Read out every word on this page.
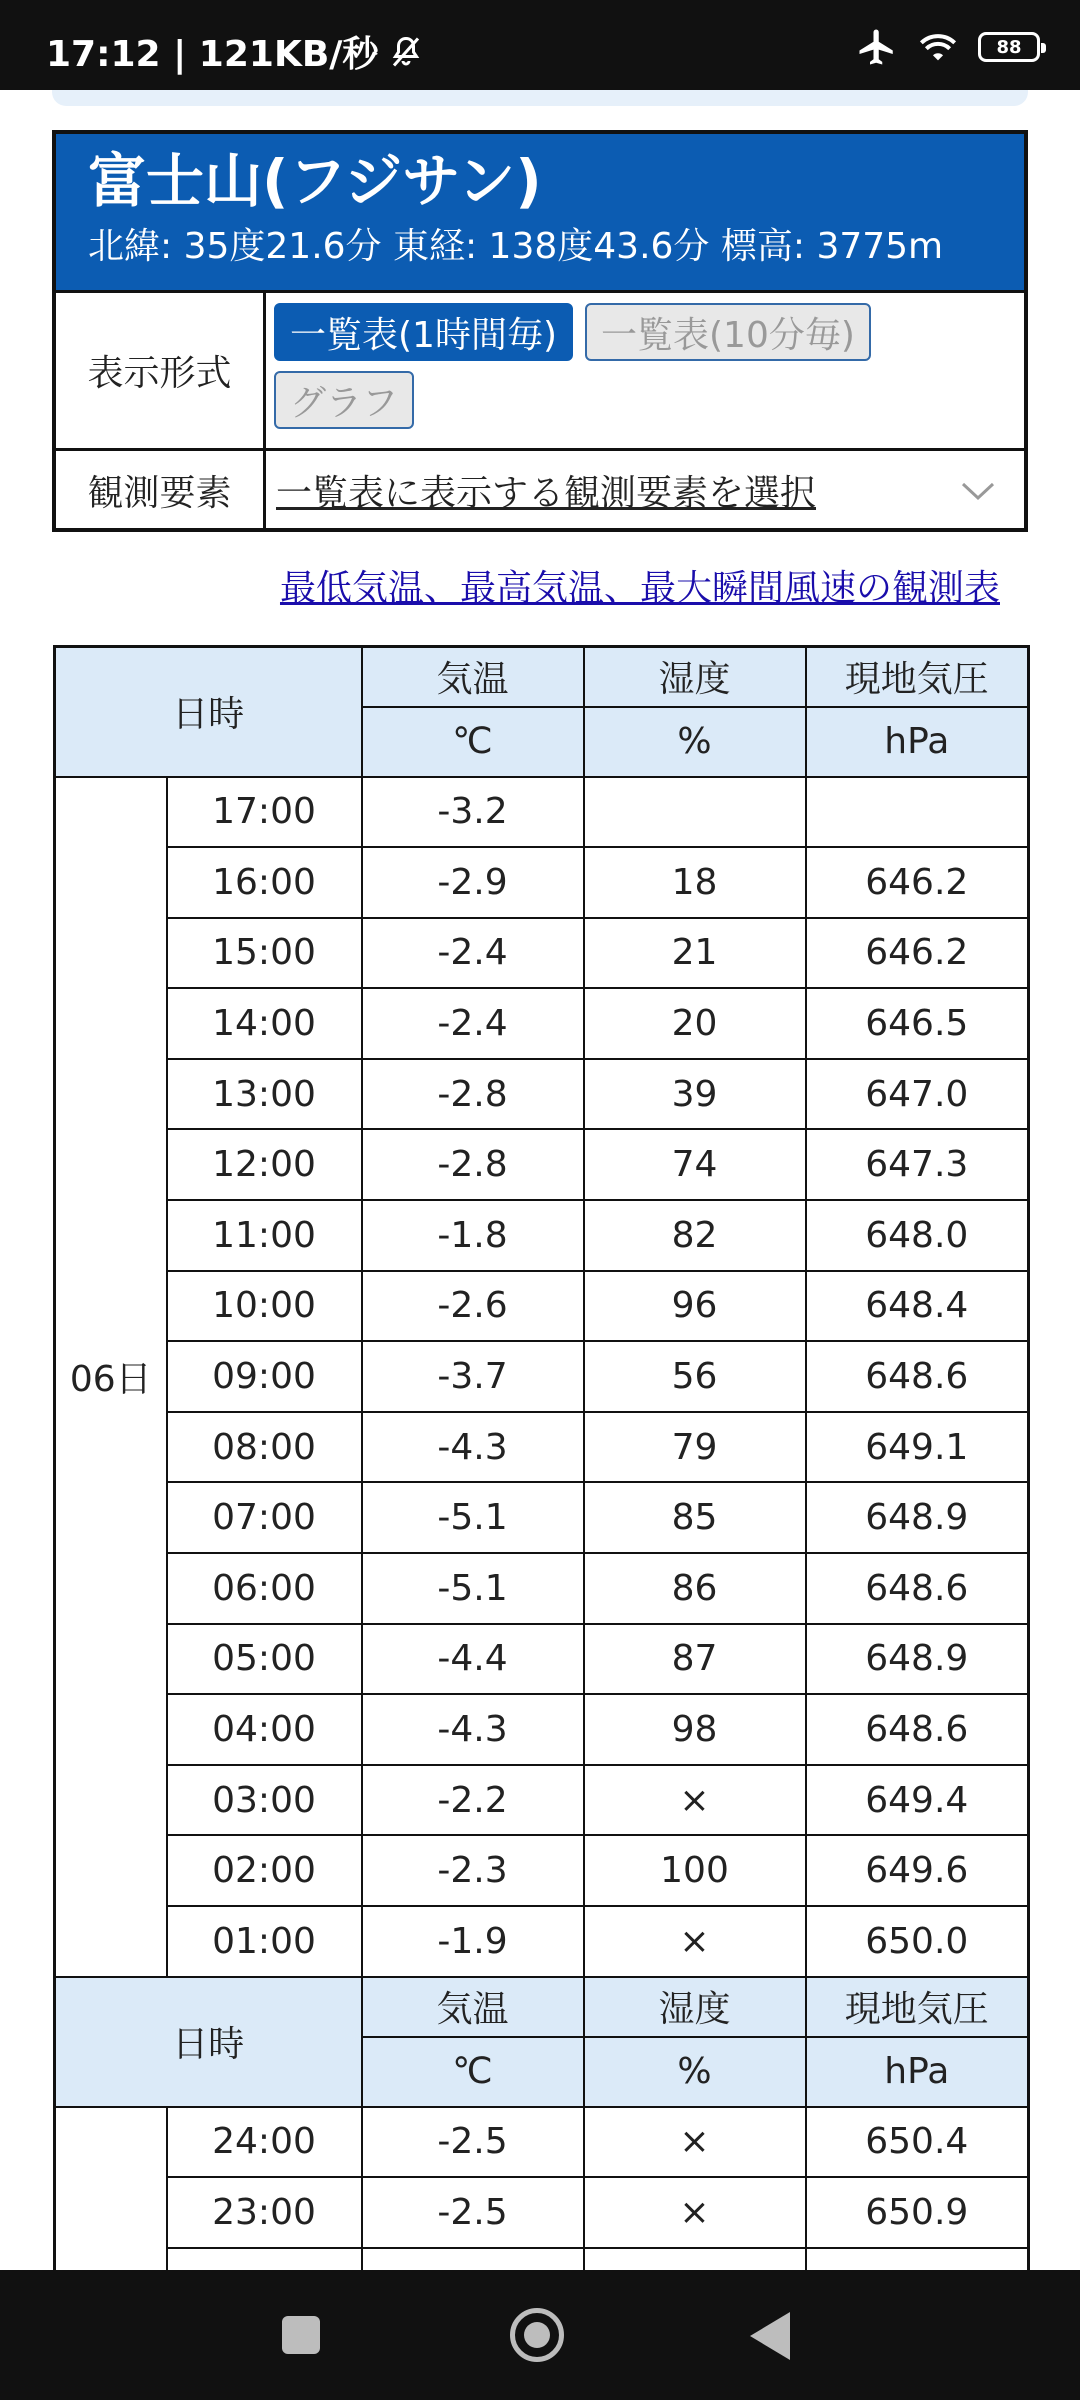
17:12 | 121KB/秒	88
富士山(フジサン)
北緯: 35度21.6分 東経: 138度43.6分 標高: 3775m
表示形式
一覧表(1時間毎)	一覧表(10分毎)
グラフ
観測要素	一覧表に表示する観測要素を選択
最低気温、最高気温、最大瞬間風速の観測表
日時		気温	湿度	現地気圧
		℃	%	hPa
06日	17:00	-3.2		
	16:00	-2.9	18	646.2
	15:00	-2.4	21	646.2
	14:00	-2.4	20	646.5
	13:00	-2.8	39	647.0
	12:00	-2.8	74	647.3
	11:00	-1.8	82	648.0
	10:00	-2.6	96	648.4
	09:00	-3.7	56	648.6
	08:00	-4.3	79	649.1
	07:00	-5.1	85	648.9
	06:00	-5.1	86	648.6
	05:00	-4.4	87	648.9
	04:00	-4.3	98	648.6
	03:00	-2.2	×	649.4
	02:00	-2.3	100	649.6
	01:00	-1.9	×	650.0
日時		気温	湿度	現地気圧
		℃	%	hPa
	24:00	-2.5	×	650.4
	23:00	-2.5	×	650.9
